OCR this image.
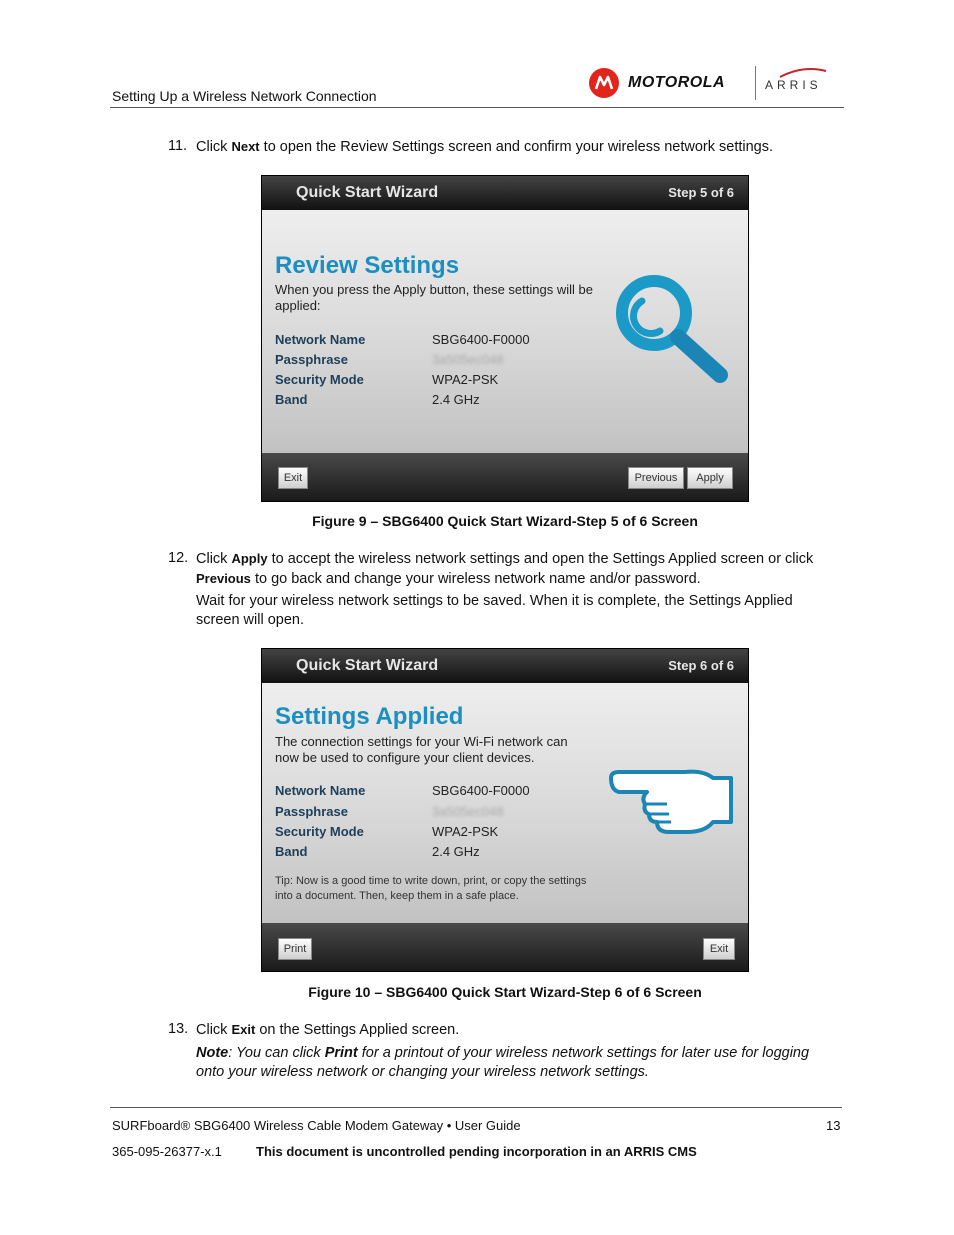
Setting Up a Wireless Network Connection
MOTOROLA	ARRIS
11. Click Next to open the Review Settings screen and confirm your wireless network settings.
Quick Start Wizard	Step 5 of 6
Review Settings
When you press the Apply button, these settings will be applied:
Network Name	SBG6400-F0000
Passphrase	3a505ec048
Security Mode	WPA2-PSK
Band	2.4 GHz
Exit	Previous	Apply
Figure 9 – SBG6400 Quick Start Wizard-Step 5 of 6 Screen
12. Click Apply to accept the wireless network settings and open the Settings Applied screen or click Previous to go back and change your wireless network name and/or password.
Wait for your wireless network settings to be saved. When it is complete, the Settings Applied screen will open.
Quick Start Wizard	Step 6 of 6
Settings Applied
The connection settings for your Wi-Fi network can now be used to configure your client devices.
Network Name	SBG6400-F0000
Passphrase	3a505ec048
Security Mode	WPA2-PSK
Band	2.4 GHz
Tip: Now is a good time to write down, print, or copy the settings into a document. Then, keep them in a safe place.
Print	Exit
Figure 10 – SBG6400 Quick Start Wizard-Step 6 of 6 Screen
13. Click Exit on the Settings Applied screen.
Note: You can click Print for a printout of your wireless network settings for later use for logging onto your wireless network or changing your wireless network settings.
SURFboard® SBG6400 Wireless Cable Modem Gateway • User Guide	13
365-095-26377-x.1	This document is uncontrolled pending incorporation in an ARRIS CMS
